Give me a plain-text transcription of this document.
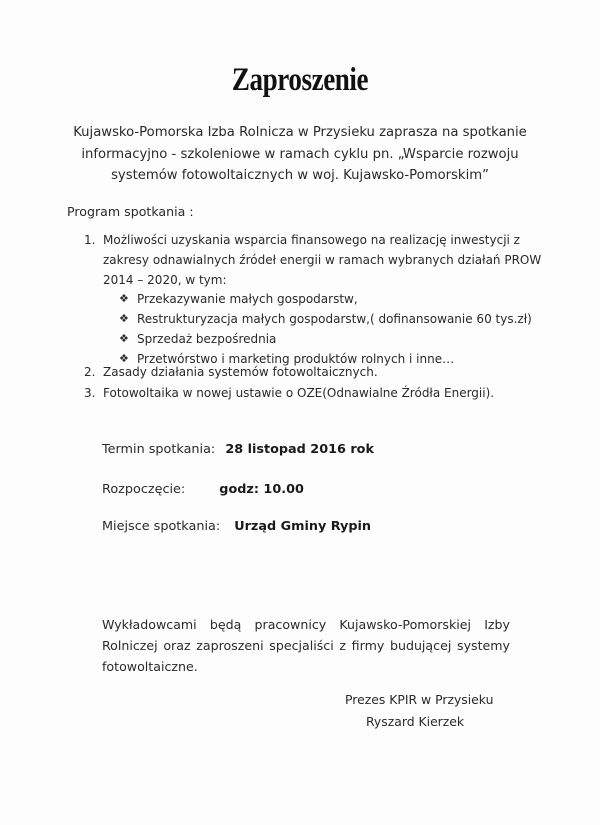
Zaproszenie
Kujawsko-Pomorska Izba Rolnicza w Przysieku zaprasza na spotkanie
informacyjno - szkoleniowe w ramach cyklu pn. „Wsparcie rozwoju
systemów fotowoltaicznych w woj. Kujawsko-Pomorskim”
Program spotkania :
1. Możliwości uzyskania wsparcia finansowego na realizację inwestycji z
zakresy odnawialnych źródeł energii w ramach wybranych działań PROW
2014 – 2020, w tym:
❖ Przekazywanie małych gospodarstw,
❖ Restrukturyzacja małych gospodarstw,( dofinansowanie 60 tys.zł)
❖ Sprzedaż bezpośrednia
❖ Przetwórstwo i marketing produktów rolnych i inne…
2. Zasady działania systemów fotowoltaicznych.
3. Fotowoltaika w nowej ustawie o OZE(Odnawialne Źródła Energii).
Termin spotkania: 28 listopad 2016 rok
Rozpoczęcie:	godz: 10.00
Miejsce spotkania: Urząd Gminy Rypin
Wykładowcami będą pracownicy Kujawsko-Pomorskiej Izby Rolniczej oraz zaproszeni specjaliści z firmy budującej systemy fotowoltaiczne.
Prezes KPIR w Przysieku
Ryszard Kierzek
